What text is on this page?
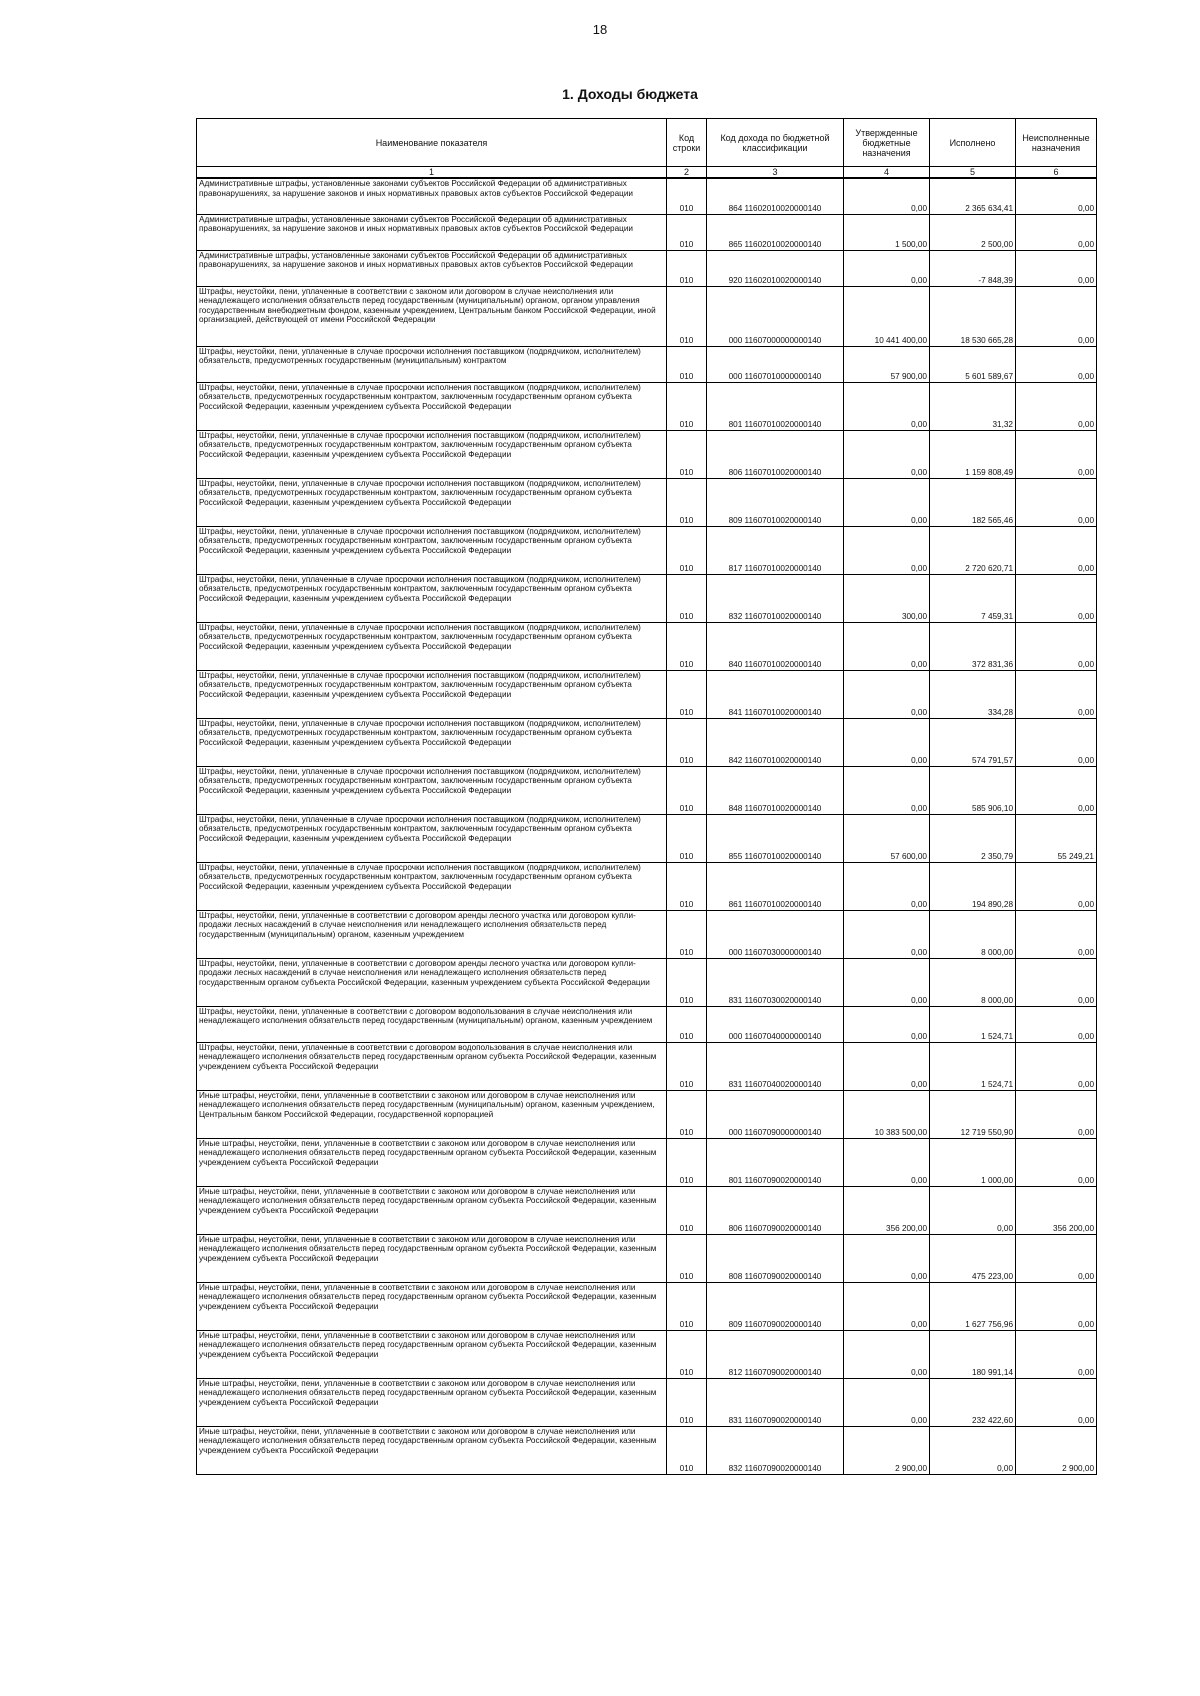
18
1. Доходы бюджета
Наименование показателя	Код строки	Код дохода по бюджетной классификации	Утвержденные бюджетные назначения	Исполнено	Неисполненные назначения
1	2	3	4	5	6
Административные штрафы, установленные законами субъектов Российской Федерации об административных правонарушениях, за нарушение законов и иных нормативных правовых актов субъектов Российской Федерации	010	864 11602010020000140	0,00	2 365 634,41	0,00
Административные штрафы, установленные законами субъектов Российской Федерации об административных правонарушениях, за нарушение законов и иных нормативных правовых актов субъектов Российской Федерации	010	865 11602010020000140	1 500,00	2 500,00	0,00
Административные штрафы, установленные законами субъектов Российской Федерации об административных правонарушениях, за нарушение законов и иных нормативных правовых актов субъектов Российской Федерации	010	920 11602010020000140	0,00	-7 848,39	0,00
Штрафы, неустойки, пени, уплаченные в соответствии с законом или договором в случае неисполнения или ненадлежащего исполнения обязательств перед государственным (муниципальным) органом, органом управления государственным внебюджетным фондом, казенным учреждением, Центральным банком Российской Федерации, иной организацией, действующей от имени Российской Федерации	010	000 11607000000000140	10 441 400,00	18 530 665,28	0,00
Штрафы, неустойки, пени, уплаченные в случае просрочки исполнения поставщиком (подрядчиком, исполнителем) обязательств, предусмотренных государственным (муниципальным) контрактом	010	000 11607010000000140	57 900,00	5 601 589,67	0,00
Штрафы, неустойки, пени, уплаченные в случае просрочки исполнения поставщиком (подрядчиком, исполнителем) обязательств, предусмотренных государственным контрактом, заключенным государственным органом субъекта Российской Федерации, казенным учреждением субъекта Российской Федерации	010	801 11607010020000140	0,00	31,32	0,00
Штрафы, неустойки, пени, уплаченные в случае просрочки исполнения поставщиком (подрядчиком, исполнителем) обязательств, предусмотренных государственным контрактом, заключенным государственным органом субъекта Российской Федерации, казенным учреждением субъекта Российской Федерации	010	806 11607010020000140	0,00	1 159 808,49	0,00
Штрафы, неустойки, пени, уплаченные в случае просрочки исполнения поставщиком (подрядчиком, исполнителем) обязательств, предусмотренных государственным контрактом, заключенным государственным органом субъекта Российской Федерации, казенным учреждением субъекта Российской Федерации	010	809 11607010020000140	0,00	182 565,46	0,00
Штрафы, неустойки, пени, уплаченные в случае просрочки исполнения поставщиком (подрядчиком, исполнителем) обязательств, предусмотренных государственным контрактом, заключенным государственным органом субъекта Российской Федерации, казенным учреждением субъекта Российской Федерации	010	817 11607010020000140	0,00	2 720 620,71	0,00
Штрафы, неустойки, пени, уплаченные в случае просрочки исполнения поставщиком (подрядчиком, исполнителем) обязательств, предусмотренных государственным контрактом, заключенным государственным органом субъекта Российской Федерации, казенным учреждением субъекта Российской Федерации	010	832 11607010020000140	300,00	7 459,31	0,00
Штрафы, неустойки, пени, уплаченные в случае просрочки исполнения поставщиком (подрядчиком, исполнителем) обязательств, предусмотренных государственным контрактом, заключенным государственным органом субъекта Российской Федерации, казенным учреждением субъекта Российской Федерации	010	840 11607010020000140	0,00	372 831,36	0,00
Штрафы, неустойки, пени, уплаченные в случае просрочки исполнения поставщиком (подрядчиком, исполнителем) обязательств, предусмотренных государственным контрактом, заключенным государственным органом субъекта Российской Федерации, казенным учреждением субъекта Российской Федерации	010	841 11607010020000140	0,00	334,28	0,00
Штрафы, неустойки, пени, уплаченные в случае просрочки исполнения поставщиком (подрядчиком, исполнителем) обязательств, предусмотренных государственным контрактом, заключенным государственным органом субъекта Российской Федерации, казенным учреждением субъекта Российской Федерации	010	842 11607010020000140	0,00	574 791,57	0,00
Штрафы, неустойки, пени, уплаченные в случае просрочки исполнения поставщиком (подрядчиком, исполнителем) обязательств, предусмотренных государственным контрактом, заключенным государственным органом субъекта Российской Федерации, казенным учреждением субъекта Российской Федерации	010	848 11607010020000140	0,00	585 906,10	0,00
Штрафы, неустойки, пени, уплаченные в случае просрочки исполнения поставщиком (подрядчиком, исполнителем) обязательств, предусмотренных государственным контрактом, заключенным государственным органом субъекта Российской Федерации, казенным учреждением субъекта Российской Федерации	010	855 11607010020000140	57 600,00	2 350,79	55 249,21
Штрафы, неустойки, пени, уплаченные в случае просрочки исполнения поставщиком (подрядчиком, исполнителем) обязательств, предусмотренных государственным контрактом, заключенным государственным органом субъекта Российской Федерации, казенным учреждением субъекта Российской Федерации	010	861 11607010020000140	0,00	194 890,28	0,00
Штрафы, неустойки, пени, уплаченные в соответствии с договором аренды лесного участка или договором купли-продажи лесных насаждений в случае неисполнения или ненадлежащего исполнения обязательств перед государственным (муниципальным) органом, казенным учреждением	010	000 11607030000000140	0,00	8 000,00	0,00
Штрафы, неустойки, пени, уплаченные в соответствии с договором аренды лесного участка или договором купли-продажи лесных насаждений в случае неисполнения или ненадлежащего исполнения обязательств перед государственным органом субъекта Российской Федерации, казенным учреждением субъекта Российской Федерации	010	831 11607030020000140	0,00	8 000,00	0,00
Штрафы, неустойки, пени, уплаченные в соответствии с договором водопользования в случае неисполнения или ненадлежащего исполнения обязательств перед государственным (муниципальным) органом, казенным учреждением	010	000 11607040000000140	0,00	1 524,71	0,00
Штрафы, неустойки, пени, уплаченные в соответствии с договором водопользования в случае неисполнения или ненадлежащего исполнения обязательств перед государственным органом субъекта Российской Федерации, казенным учреждением субъекта Российской Федерации	010	831 11607040020000140	0,00	1 524,71	0,00
Иные штрафы, неустойки, пени, уплаченные в соответствии с законом или договором в случае неисполнения или ненадлежащего исполнения обязательств перед государственным (муниципальным) органом, казенным учреждением, Центральным банком Российской Федерации, государственной корпорацией	010	000 11607090000000140	10 383 500,00	12 719 550,90	0,00
Иные штрафы, неустойки, пени, уплаченные в соответствии с законом или договором в случае неисполнения или ненадлежащего исполнения обязательств перед государственным органом субъекта Российской Федерации, казенным учреждением субъекта Российской Федерации	010	801 11607090020000140	0,00	1 000,00	0,00
Иные штрафы, неустойки, пени, уплаченные в соответствии с законом или договором в случае неисполнения или ненадлежащего исполнения обязательств перед государственным органом субъекта Российской Федерации, казенным учреждением субъекта Российской Федерации	010	806 11607090020000140	356 200,00	0,00	356 200,00
Иные штрафы, неустойки, пени, уплаченные в соответствии с законом или договором в случае неисполнения или ненадлежащего исполнения обязательств перед государственным органом субъекта Российской Федерации, казенным учреждением субъекта Российской Федерации	010	808 11607090020000140	0,00	475 223,00	0,00
Иные штрафы, неустойки, пени, уплаченные в соответствии с законом или договором в случае неисполнения или ненадлежащего исполнения обязательств перед государственным органом субъекта Российской Федерации, казенным учреждением субъекта Российской Федерации	010	809 11607090020000140	0,00	1 627 756,96	0,00
Иные штрафы, неустойки, пени, уплаченные в соответствии с законом или договором в случае неисполнения или ненадлежащего исполнения обязательств перед государственным органом субъекта Российской Федерации, казенным учреждением субъекта Российской Федерации	010	812 11607090020000140	0,00	180 991,14	0,00
Иные штрафы, неустойки, пени, уплаченные в соответствии с законом или договором в случае неисполнения или ненадлежащего исполнения обязательств перед государственным органом субъекта Российской Федерации, казенным учреждением субъекта Российской Федерации	010	831 11607090020000140	0,00	232 422,60	0,00
Иные штрафы, неустойки, пени, уплаченные в соответствии с законом или договором в случае неисполнения или ненадлежащего исполнения обязательств перед государственным органом субъекта Российской Федерации, казенным учреждением субъекта Российской Федерации	010	832 11607090020000140	2 900,00	0,00	2 900,00
